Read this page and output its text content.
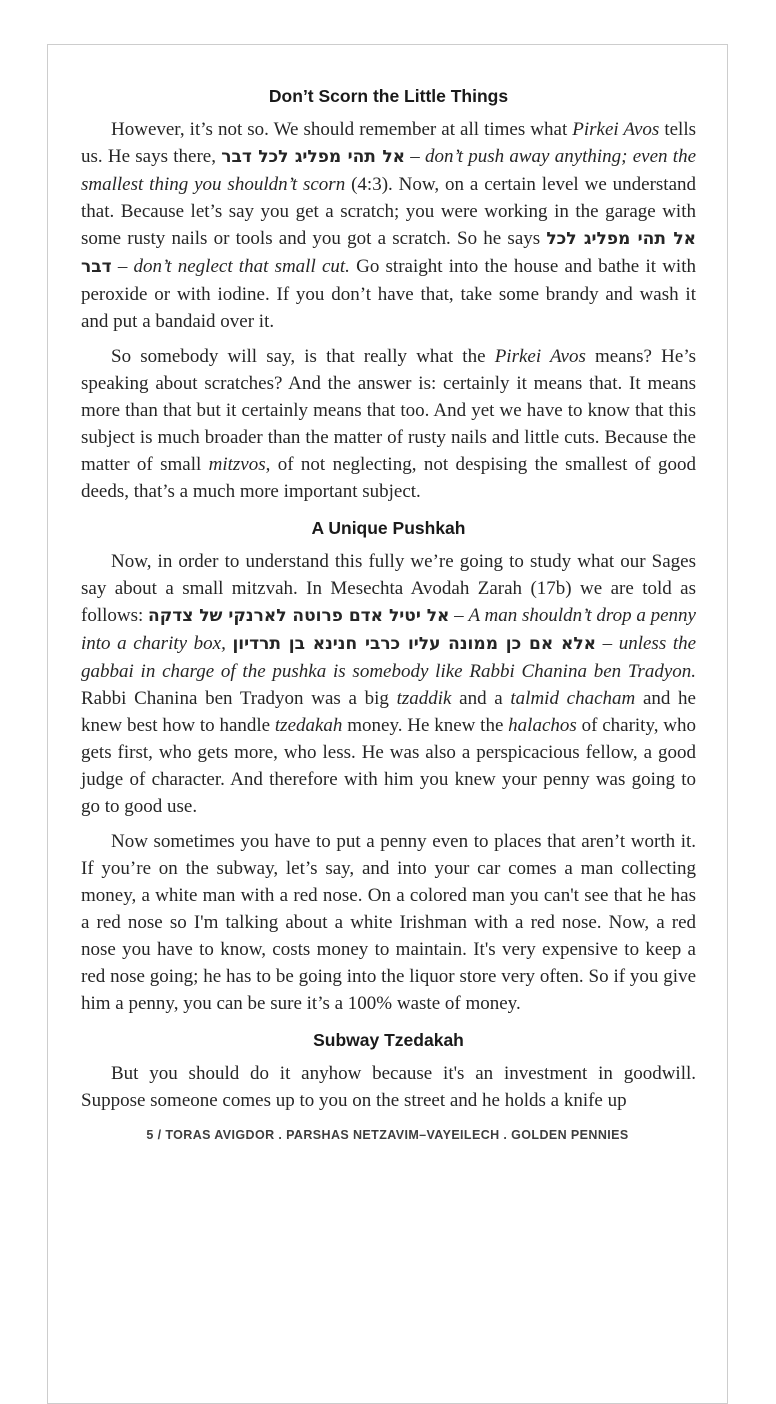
Don’t Scorn the Little Things

However, it’s not so. We should remember at all times what Pirkei Avos tells us. He says there, אל תהי מפליג לכל דבר – don’t push away anything; even the smallest thing you shouldn’t scorn (4:3). Now, on a certain level we understand that. Because let’s say you get a scratch; you were working in the garage with some rusty nails or tools and you got a scratch. So he says אל תהי מפליג לכל דבר – don’t neglect that small cut. Go straight into the house and bathe it with peroxide or with iodine. If you don’t have that, take some brandy and wash it and put a bandaid over it.

So somebody will say, is that really what the Pirkei Avos means? He’s speaking about scratches? And the answer is: certainly it means that. It means more than that but it certainly means that too. And yet we have to know that this subject is much broader than the matter of rusty nails and little cuts. Because the matter of small mitzvos, of not neglecting, not despising the smallest of good deeds, that’s a much more important subject.

A Unique Pushkah

Now, in order to understand this fully we’re going to study what our Sages say about a small mitzvah. In Mesechta Avodah Zarah (17b) we are told as follows: אל יטיל אדם פרוטה לארנקי של צדקה – A man shouldn’t drop a penny into a charity box, אלא אם כן ממונה עליו כרבי חנינא בן תרדיון – unless the gabbai in charge of the pushka is somebody like Rabbi Chanina ben Tradyon. Rabbi Chanina ben Tradyon was a big tzaddik and a talmid chacham and he knew best how to handle tzedakah money. He knew the halachos of charity, who gets first, who gets more, who less. He was also a perspicacious fellow, a good judge of character. And therefore with him you knew your penny was going to go to good use.

Now sometimes you have to put a penny even to places that aren’t worth it. If you’re on the subway, let’s say, and into your car comes a man collecting money, a white man with a red nose. On a colored man you can't see that he has a red nose so I'm talking about a white Irishman with a red nose. Now, a red nose you have to know, costs money to maintain. It's very expensive to keep a red nose going; he has to be going into the liquor store very often. So if you give him a penny, you can be sure it’s a 100% waste of money.

Subway Tzedakah

But you should do it anyhow because it's an investment in goodwill. Suppose someone comes up to you on the street and he holds a knife up

5 / TORAS AVIGDOR . PARSHAS NETZAVIM–VAYEILECH . GOLDEN PENNIES
